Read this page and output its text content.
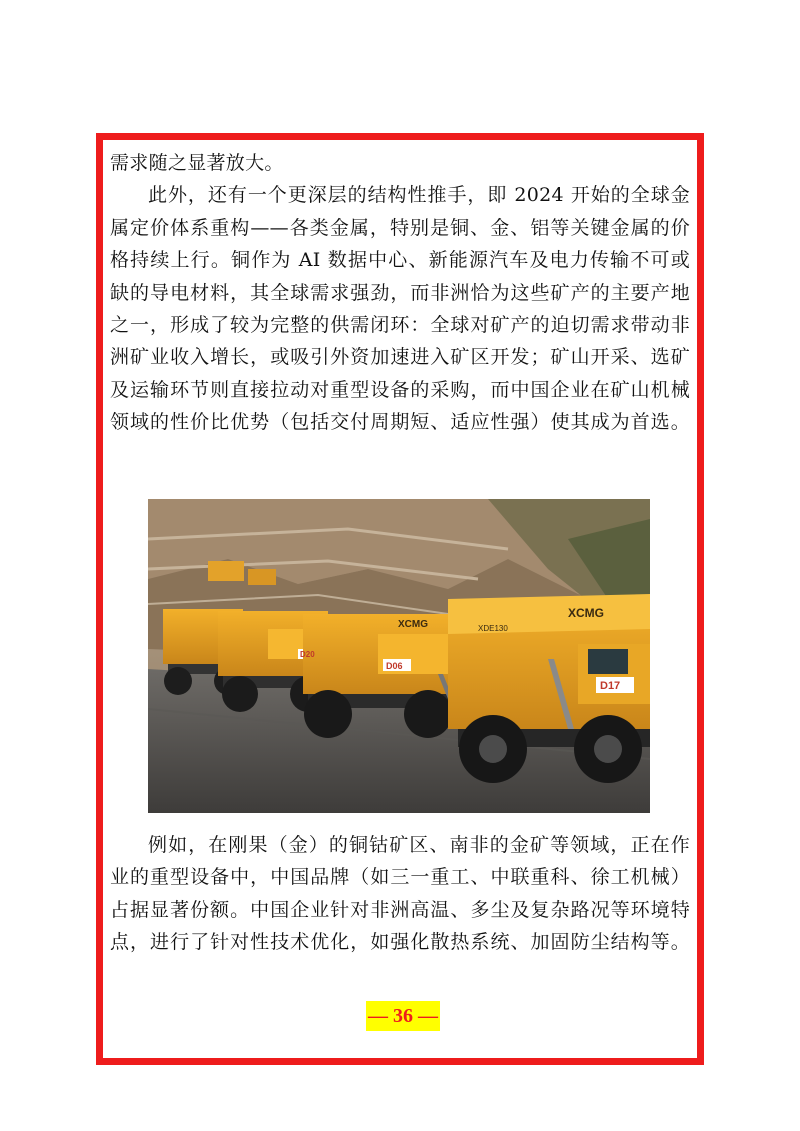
需求随之显著放大。
此外，还有一个更深层的结构性推手，即 2024 开始的全球金
属定价体系重构——各类金属，特别是铜、金、铝等关键金属的价
格持续上行。铜作为 AI 数据中心、新能源汽车及电力传输不可或
缺的导电材料，其全球需求强劲，而非洲恰为这些矿产的主要产地
之一，形成了较为完整的供需闭环：全球对矿产的迫切需求带动非
洲矿业收入增长，或吸引外资加速进入矿区开发；矿山开采、选矿
及运输环节则直接拉动对重型设备的采购，而中国企业在矿山机械
领域的性价比优势（包括交付周期短、适应性强）使其成为首选。
XCMG
XCMG	XDE130
D17
D06
D20
例如，在刚果（金）的铜钴矿区、南非的金矿等领域，正在作
业的重型设备中，中国品牌（如三一重工、中联重科、徐工机械）
占据显著份额。中国企业针对非洲高温、多尘及复杂路况等环境特
点，进行了针对性技术优化，如强化散热系统、加固防尘结构等。
— 36 —
